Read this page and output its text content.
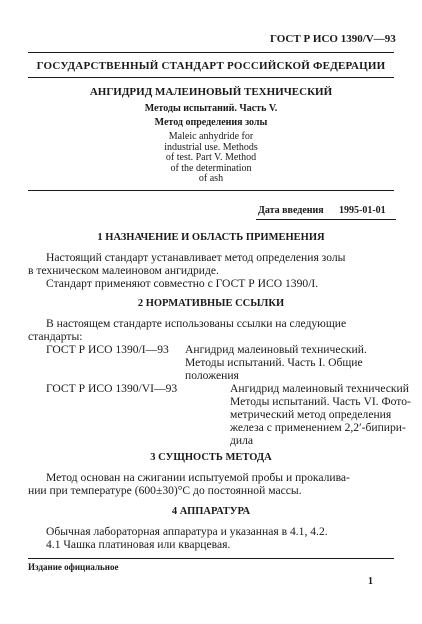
ГОСТ Р ИСО 1390/V—93
ГОСУДАРСТВЕННЫЙ СТАНДАРТ РОССИЙСКОЙ ФЕДЕРАЦИИ
АНГИДРИД МАЛЕИНОВЫЙ ТЕХНИЧЕСКИЙ
Методы испытаний. Часть V.
Метод определения золы
Maleic anhydride for
industrial use. Methods
of test. Part V. Method
of the determination
of ash
Дата введения 1995-01-01
1 НАЗНАЧЕНИЕ И ОБЛАСТЬ ПРИМЕНЕНИЯ
Настоящий стандарт устанавливает метод определения золы
в техническом малеиновом ангидриде.
Стандарт применяют совместно с ГОСТ Р ИСО 1390/I.
2 НОРМАТИВНЫЕ ССЫЛКИ
В настоящем стандарте использованы ссылки на следующие
стандарты:
ГОСТ Р ИСО 1390/I—93 Ангидрид малеиновый технический.
Методы испытаний. Часть I. Общие
положения
ГОСТ Р ИСО 1390/VI—93	Ангидрид малеиновый технический
Методы испытаний. Часть VI. Фото-
метрический метод определения
железа с применением 2,2′-бипири-
дила
3 СУЩНОСТЬ МЕТОДА
Метод основан на сжигании испытуемой пробы и прокалива-
нии при температуре (600±30)°С до постоянной массы.
4 АППАРАТУРА
Обычная лабораторная аппаратура и указанная в 4.1, 4.2.
4.1 Чашка платиновая или кварцевая.
Издание официальное
1
